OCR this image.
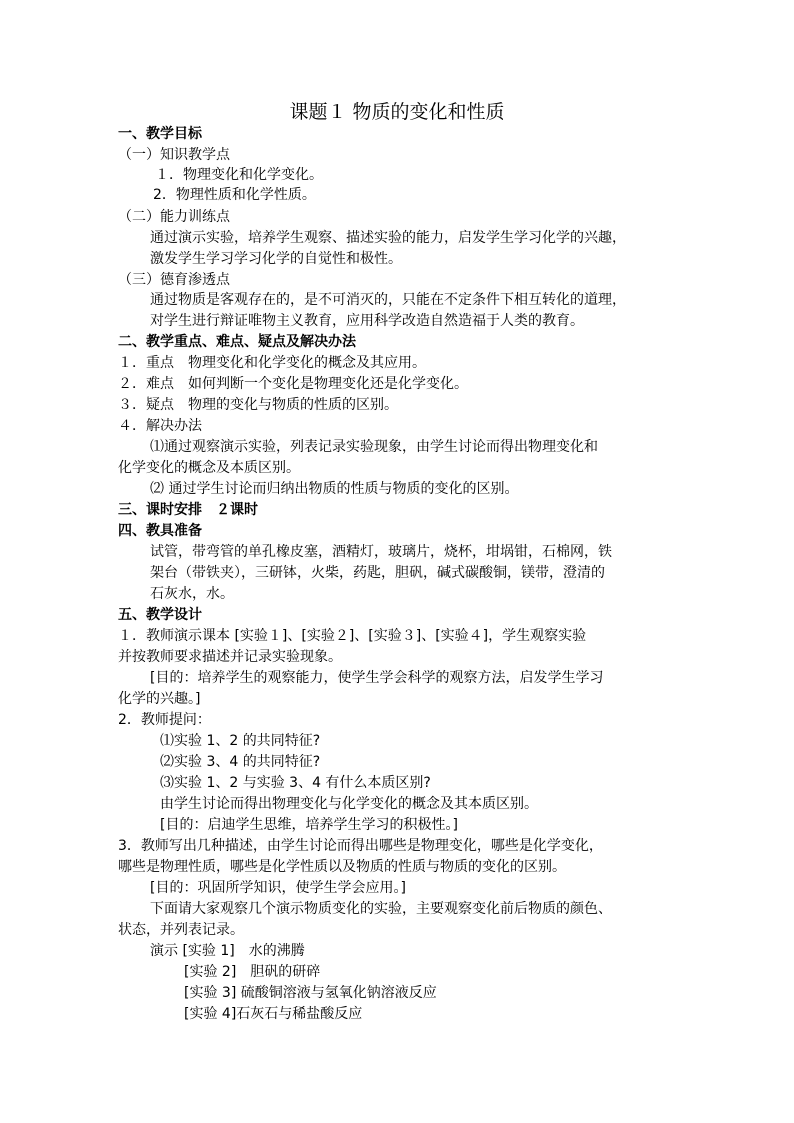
课题１ 物质的变化和性质
一、教学目标
（一）知识教学点
１．物理变化和化学变化。
2．物理性质和化学性质。
（二）能力训练点
通过演示实验，培养学生观察、描述实验的能力，启发学生学习化学的兴趣，
激发学生学习学习化学的自觉性和极性。
（三）德育渗透点
通过物质是客观存在的，是不可消灭的，只能在不定条件下相互转化的道理，
对学生进行辩证唯物主义教育，应用科学改造自然造福于人类的教育。
二、教学重点、难点、疑点及解决办法
１．重点　物理变化和化学变化的概念及其应用。
２．难点　如何判断一个变化是物理变化还是化学变化。
３．疑点　物理的变化与物质的性质的区别。
４．解决办法
⑴通过观察演示实验，列表记录实验现象，由学生讨论而得出物理变化和
化学变化的概念及本质区别。
⑵ 通过学生讨论而归纳出物质的性质与物质的变化的区别。
三、课时安排　２课时
四、教具准备
试管，带弯管的单孔橡皮塞，酒精灯，玻璃片，烧杯，坩埚钳，石棉网，铁
架台（带铁夹），三研钵，火柴，药匙，胆矾，碱式碳酸铜，镁带，澄清的
石灰水，水。
五、教学设计
１．教师演示课本 [实验１]、[实验２]、[实验３]、[实验４]，学生观察实验
并按教师要求描述并记录实验现象。
[目的：培养学生的观察能力，使学生学会科学的观察方法，启发学生学习
化学的兴趣。]
2．教师提问：
⑴实验 1、2 的共同特征?
⑵实验 3、4 的共同特征?
⑶实验 1、2 与实验 3、4 有什么本质区别?
由学生讨论而得出物理变化与化学变化的概念及其本质区别。
[目的：启迪学生思维，培养学生学习的积极性。]
3．教师写出几种描述，由学生讨论而得出哪些是物理变化，哪些是化学变化，
哪些是物理性质，哪些是化学性质以及物质的性质与物质的变化的区别。
[目的：巩固所学知识，使学生学会应用。]
下面请大家观察几个演示物质变化的实验，主要观察变化前后物质的颜色、
状态，并列表记录。
演示 [实验 1]　水的沸腾
[实验 2]　胆矾的研碎
[实验 3] 硫酸铜溶液与氢氧化钠溶液反应
[实验 4]石灰石与稀盐酸反应
